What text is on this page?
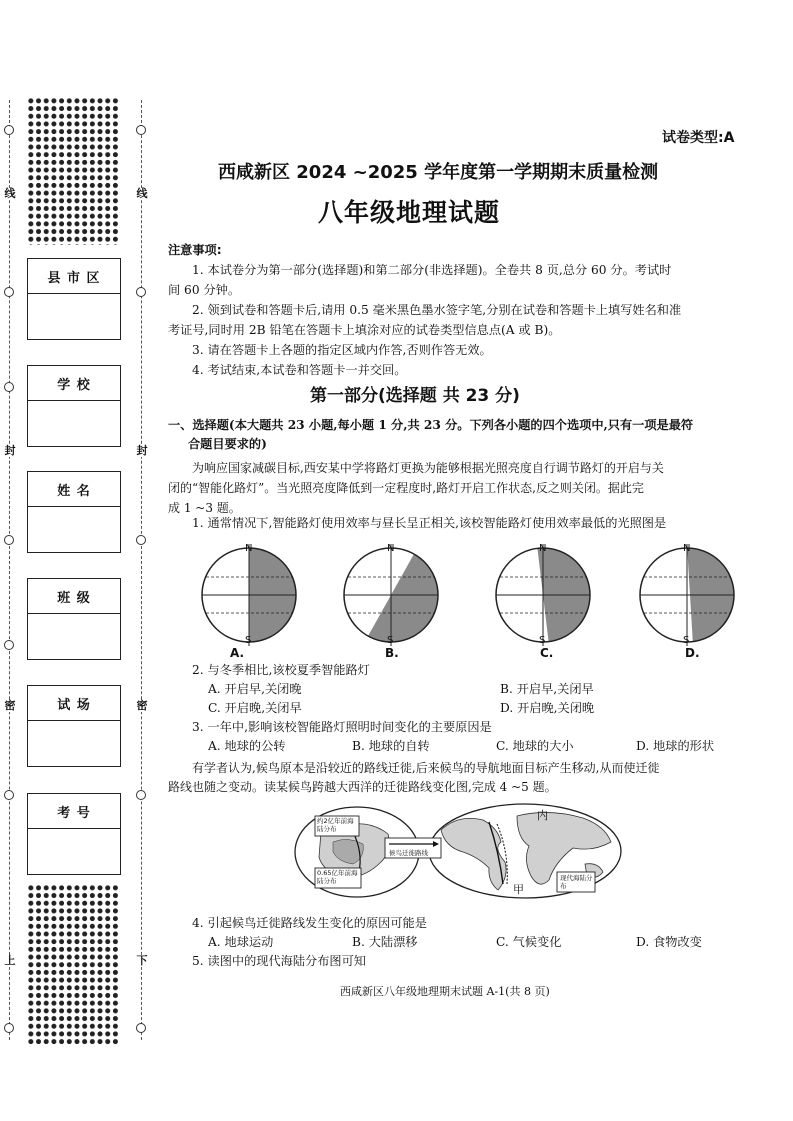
线
封
密
上
线
封
密
下
县 市 区
学 校
姓 名
班 级
试 场
考 号
试卷类型:A
西咸新区 2024 ~2025 学年度第一学期期末质量检测
八年级地理试题
注意事项:
1. 本试卷分为第一部分(选择题)和第二部分(非选择题)。全卷共 8 页,总分 60 分。考试时
间 60 分钟。
2. 领到试卷和答题卡后,请用 0.5 毫米黑色墨水签字笔,分别在试卷和答题卡上填写姓名和准
考证号,同时用 2B 铅笔在答题卡上填涂对应的试卷类型信息点(A 或 B)。
3. 请在答题卡上各题的指定区域内作答,否则作答无效。
4. 考试结束,本试卷和答题卡一并交回。
第一部分(选择题 共 23 分)
一、选择题(本大题共 23 小题,每小题 1 分,共 23 分。下列各小题的四个选项中,只有一项是最符
合题目要求的)
为响应国家减碳目标,西安某中学将路灯更换为能够根据光照亮度自行调节路灯的开启与关
闭的“智能化路灯”。当光照亮度降低到一定程度时,路灯开启工作状态,反之则关闭。据此完
成 1 ~3 题。
1. 通常情况下,智能路灯使用效率与昼长呈正相关,该校智能路灯使用效率最低的光照图是
N
S
A.
N
S
B.
N
S
C.
N
S
D.
2. 与冬季相比,该校夏季智能路灯
A. 开启早,关闭晚	B. 开启早,关闭早
C. 开启晚,关闭早	D. 开启晚,关闭晚
3. 一年中,影响该校智能路灯照明时间变化的主要原因是
A. 地球的公转	B. 地球的自转	C. 地球的大小	D. 地球的形状
有学者认为,候鸟原本是沿较近的路线迁徙,后来候鸟的导航地面目标产生移动,从而使迁徙
路线也随之变动。读某候鸟跨越大西洋的迁徙路线变化图,完成 4 ~5 题。
约2亿年前海陆分布
候鸟迁徙路线
0.65亿年前海陆分布
内
甲
现代海陆分布
4. 引起候鸟迁徙路线发生变化的原因可能是
A. 地球运动	B. 大陆漂移	C. 气候变化	D. 食物改变
5. 读图中的现代海陆分布图可知
西咸新区八年级地理期末试题 A-1(共 8 页)
